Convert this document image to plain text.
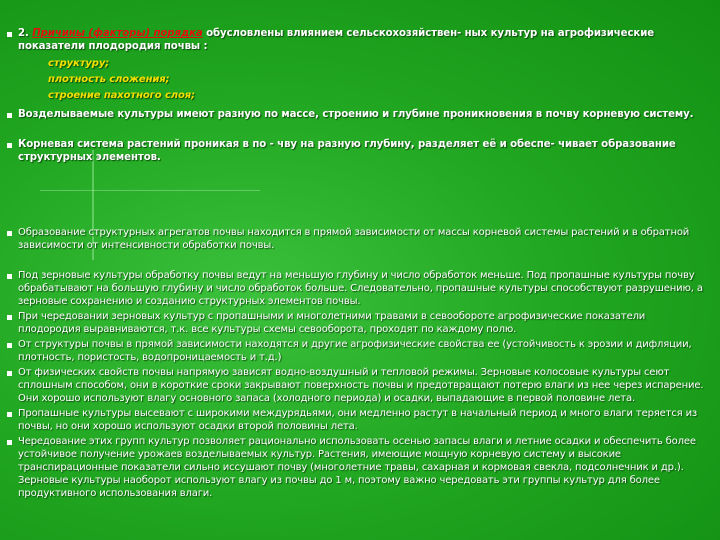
2. Причины (факторы) порядка обусловлены влиянием сельскохозяйствен- ных культур на агрофизические показатели плодородия почвы :
структуру;
плотность сложения;
строение пахотного слоя;
Возделываемые культуры имеют разную по массе, строению и глубине проникновения в почву корневую систему.
Корневая система растений проникая в по - чву на разную глубину, разделяет её и обеспе- чивает образование структурных элементов.
Образование структурных агрегатов почвы находится в прямой зависимости от массы корневой системы растений и в обратной зависимости от интенсивности обработки почвы.
Под зерновые культуры обработку почвы ведут на меньшую глубину и число обработок меньше. Под пропашные культуры почву обрабатывают на большую глубину и число обработок больше. Следовательно, пропашные культуры способствуют разрушению, а зерновые сохранению и созданию структурных элементов почвы.
При чередовании зерновых культур с пропашными и многолетними травами в севообороте агрофизические показатели плодородия выравниваются, т.к. все культуры схемы севооборота, проходят по каждому полю.
От структуры почвы в прямой зависимости находятся и другие агрофизические свойства ее (устойчивость к эрозии и дифляции, плотность, пористость, водопроницаемость и т.д.)
От физических свойств почвы напрямую зависят водно-воздушный и тепловой режимы. Зерновые колосовые культуры сеют сплошным способом, они в короткие сроки закрывают поверхность почвы и предотвращают потерю влаги из нее через испарение. Они хорошо используют влагу основного запаса (холодного периода) и осадки, выпадающие в первой половине лета.
Пропашные культуры высевают с широкими междурядьями, они медленно растут в начальный период и много влаги теряется из почвы, но они хорошо используют осадки второй половины лета.
Чередование этих групп культур позволяет рационально использовать осенью запасы влаги и летние осадки и обеспечить более устойчивое получение урожаев возделываемых культур. Растения, имеющие мощную корневую систему и высокие транспирационные показатели сильно иссушают почву (многолетние травы, сахарная и кормовая свекла, подсолнечник и др.). Зерновые культуры наоборот используют влагу из почвы до 1 м, поэтому важно чередовать эти группы культур для более продуктивного использования влаги.
